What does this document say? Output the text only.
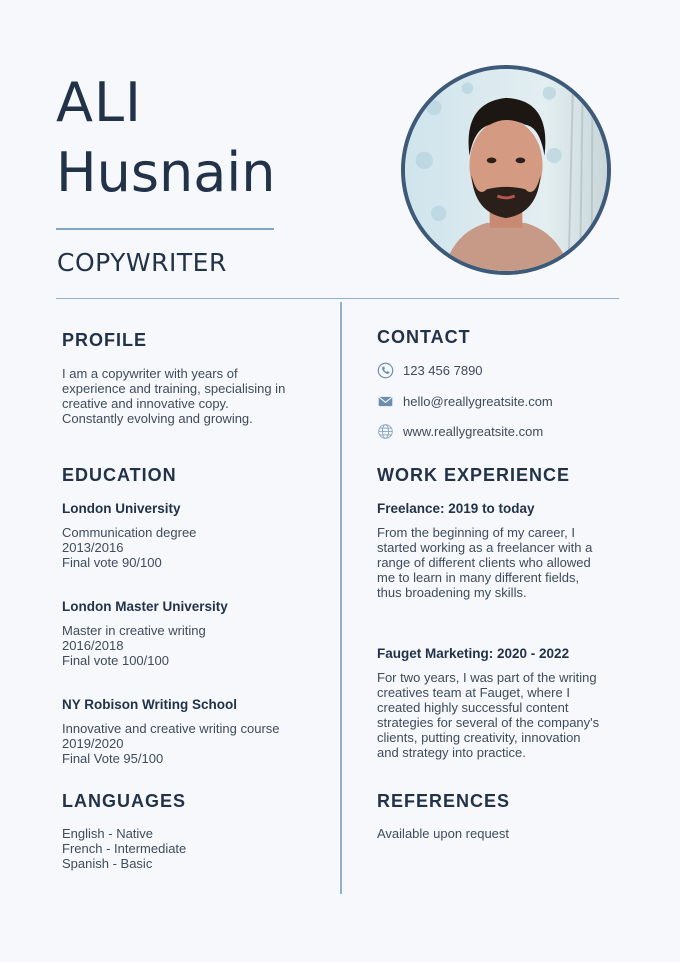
ALI
Husnain
COPYWRITER
PROFILE
I am a copywriter with years of
experience and training, specialising in
creative and innovative copy.
Constantly evolving and growing.
EDUCATION
London University
Communication degree
2013/2016
Final vote 90/100
London Master University
Master in creative writing
2016/2018
Final vote 100/100
NY Robison Writing School
Innovative and creative writing course
2019/2020
Final Vote 95/100
LANGUAGES
English - Native
French - Intermediate
Spanish - Basic
CONTACT
123 456 7890
hello@reallygreatsite.com
www.reallygreatsite.com
WORK EXPERIENCE
Freelance: 2019 to today
From the beginning of my career, I
started working as a freelancer with a
range of different clients who allowed
me to learn in many different fields,
thus broadening my skills.
Fauget Marketing: 2020 - 2022
For two years, I was part of the writing
creatives team at Fauget, where I
created highly successful content
strategies for several of the company's
clients, putting creativity, innovation
and strategy into practice.
REFERENCES
Available upon request
